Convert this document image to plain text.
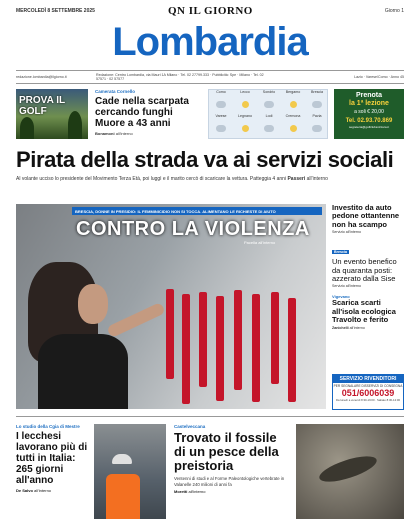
MERCOLEDÌ 8 SETTEMBRE 2025	QN IL GIORNO	Giorno 1
Lombardia
redazione.lombardia@ilgiorno.it
Redazione: Centro Lombardia, via Mauri 1A Milano · Tel. 02 27799.333 · Pubblicità: Spe · Milano · Tel. 02 57571 · 02 57577	Lazio · Varese/Como · Anno 45
PROVA IL GOLF
Camerata Cornello
Cade nella scarpata cercando funghi Muore a 43 anni
Bonamoni all'interno
Como	Lecco	Sondrio	Bergamo	Brescia
Varese	Legnano	Lodi	Cremona	Pavia
Prenota
la 1ª lezione
a soli € 20,00
Tel. 02.93.70.869
segreteria@golfclubsvizzera.it
Pirata della strada va ai servizi sociali
Al volante ucciso lo presidente del Movimento Terza Età, poi luggì e il marito cercò di scaricare la vettura. Patteggia 4 anni Passeri all'interno
BRESCIA, DONNE IN PRESIDIO: IL FEMMINICIDIO NON SI TOCCA. ALIMENTANO LE RICHIESTE DI AIUTO
CONTRO LA VIOLENZA
Pacella all'interno
Investito da auto pedone ottantenne non ha scampo
Servizio all'interno
Brescia
Un evento benefico da quaranta posti: azzerato dalla Sise
Servizio all'interno
Vigevano
Scarica scarti all'isola ecologica Travolto e ferito
Zanichelli all'interno
SERVIZIO RIVENDITORI
PER SEGNALARE DISSERVIZI DI CONSEGNA
051/6006039
Da lunedì a venerdì 8:30-19:00 · Sabato 8:30-12:00
Lo studio della Cgia di Mestre
I lecchesi lavorano più di tutti in Italia: 265 giorni all'anno
De Salvo all'interno
Castelveccana
Trovato il fossile di un pesce della preistoria
Ventenni di studi e al Forme Paleontologiche vertebrate in Valanelle 240 milioni di anni fa
Moretti all'interno
